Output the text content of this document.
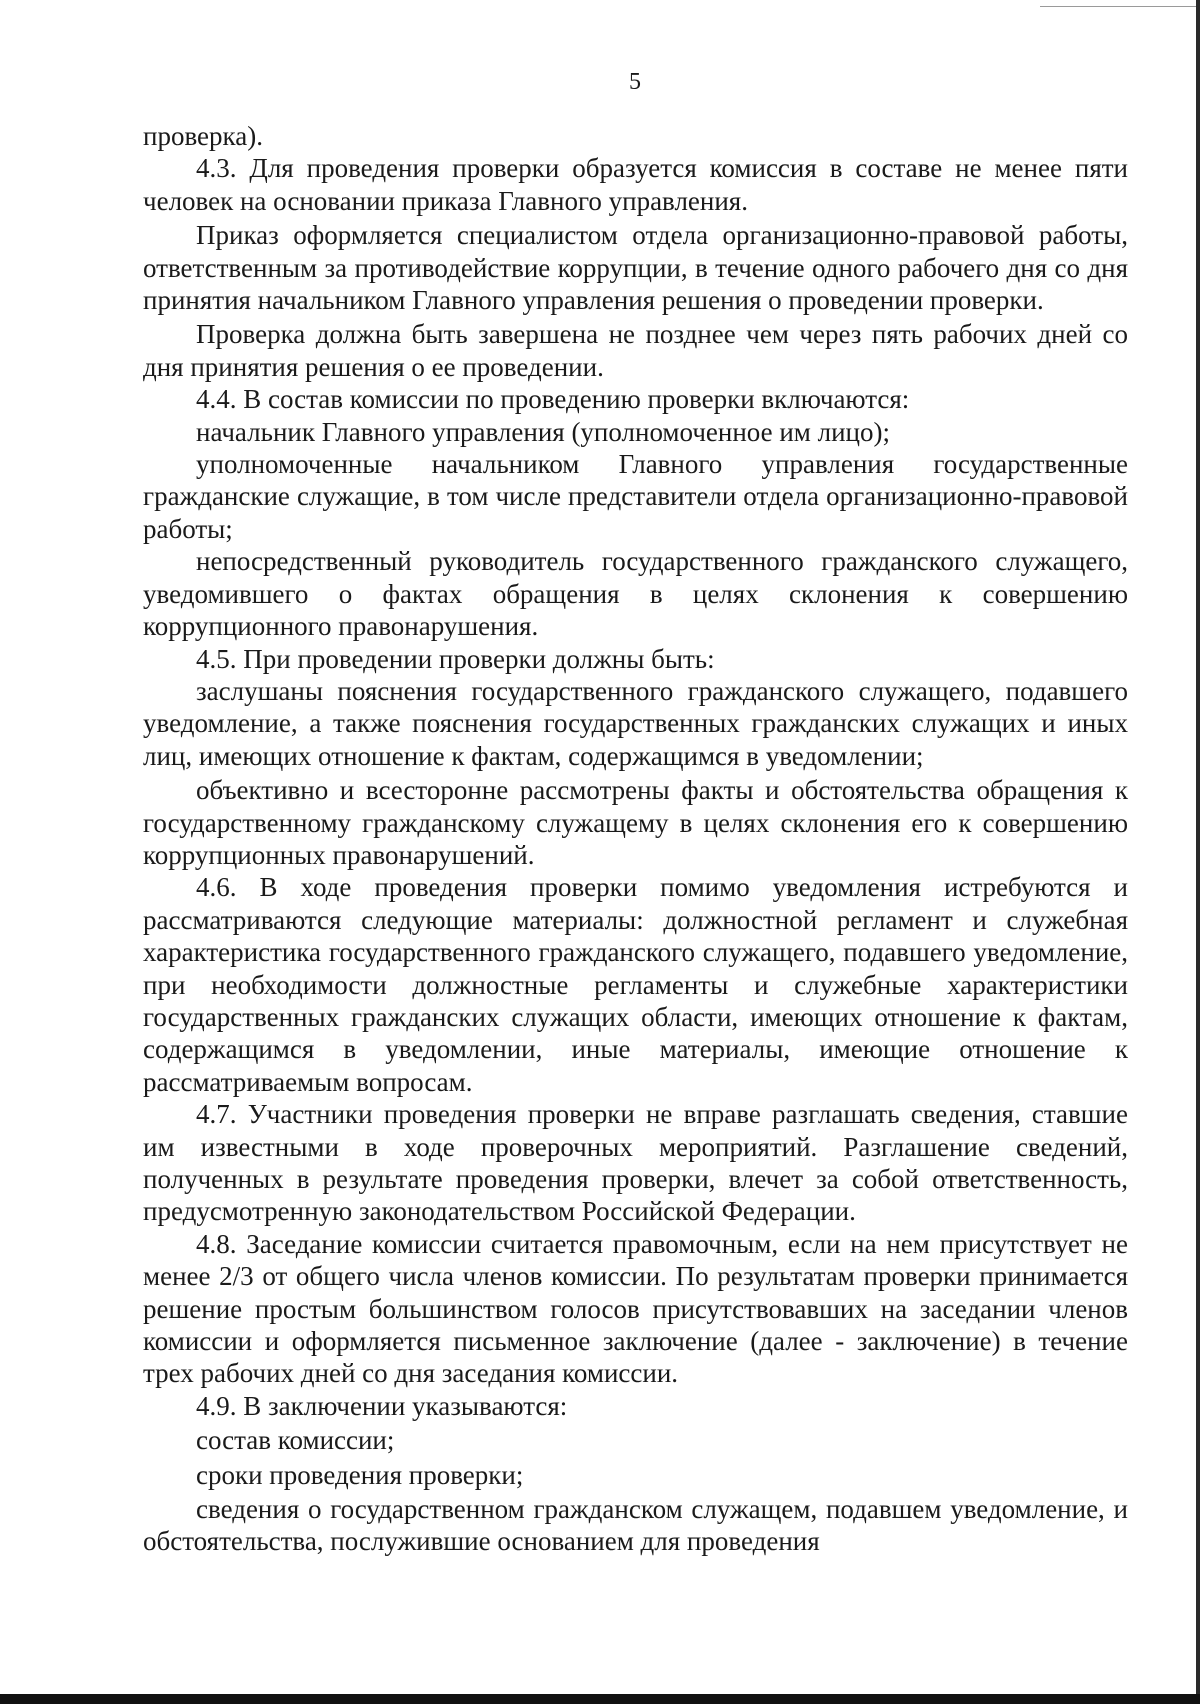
5

проверка).

4.3. Для проведения проверки образуется комиссия в составе не менее пяти человек на основании приказа Главного управления.

Приказ оформляется специалистом отдела организационно-правовой работы, ответственным за противодействие коррупции, в течение одного рабочего дня со дня принятия начальником Главного управления решения о проведении проверки.

Проверка должна быть завершена не позднее чем через пять рабочих дней со дня принятия решения о ее проведении.

4.4. В состав комиссии по проведению проверки включаются:

начальник Главного управления (уполномоченное им лицо);

уполномоченные начальником Главного управления государственные гражданские служащие, в том числе представители отдела организационно-правовой работы;

непосредственный руководитель государственного гражданского служащего, уведомившего о фактах обращения в целях склонения к совершению коррупционного правонарушения.

4.5. При проведении проверки должны быть:

заслушаны пояснения государственного гражданского служащего, подавшего уведомление, а также пояснения государственных гражданских служащих и иных лиц, имеющих отношение к фактам, содержащимся в уведомлении;

объективно и всесторонне рассмотрены факты и обстоятельства обращения к государственному гражданскому служащему в целях склонения его к совершению коррупционных правонарушений.

4.6. В ходе проведения проверки помимо уведомления истребуются и рассматриваются следующие материалы: должностной регламент и служебная характеристика государственного гражданского служащего, подавшего уведомление, при необходимости должностные регламенты и служебные характеристики государственных гражданских служащих области, имеющих отношение к фактам, содержащимся в уведомлении, иные материалы, имеющие отношение к рассматриваемым вопросам.

4.7. Участники проведения проверки не вправе разглашать сведения, ставшие им известными в ходе проверочных мероприятий. Разглашение сведений, полученных в результате проведения проверки, влечет за собой ответственность, предусмотренную законодательством Российской Федерации.

4.8. Заседание комиссии считается правомочным, если на нем присутствует не менее 2/3 от общего числа членов комиссии. По результатам проверки принимается решение простым большинством голосов присутствовавших на заседании членов комиссии и оформляется письменное заключение (далее - заключение) в течение трех рабочих дней со дня заседания комиссии.

4.9. В заключении указываются:

состав комиссии;

сроки проведения проверки;

сведения о государственном гражданском служащем, подавшем уведомление, и обстоятельства, послужившие основанием для проведения
